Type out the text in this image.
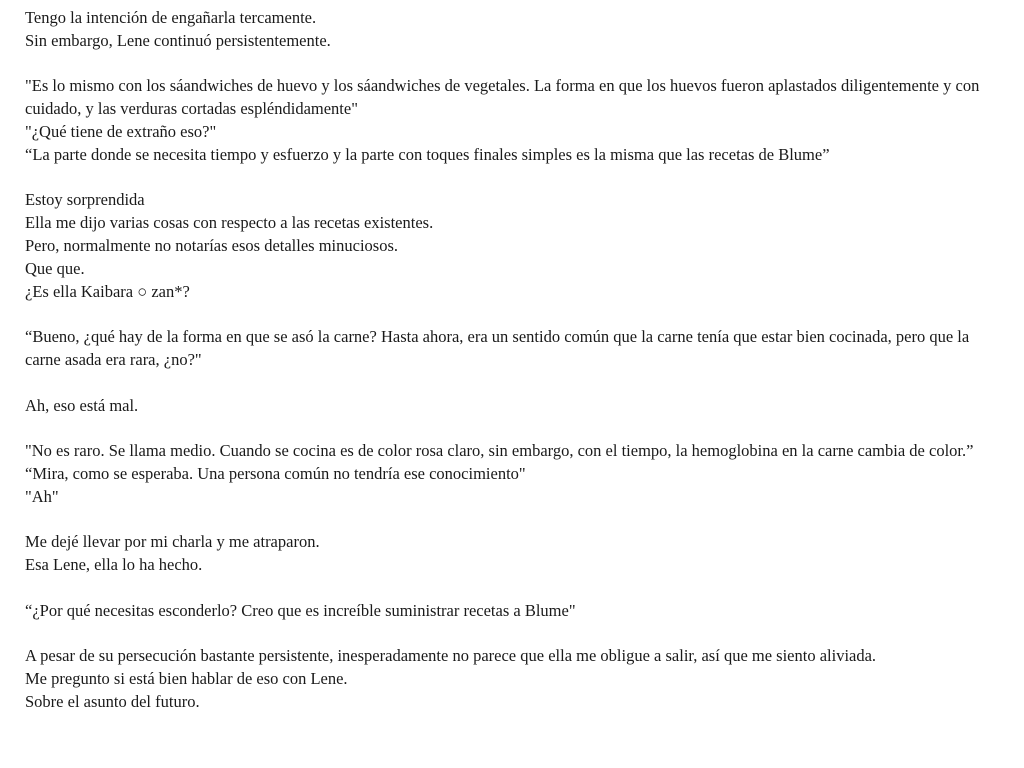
Tengo la intención de engañarla tercamente.
Sin embargo, Lene continuó persistentemente.

"Es lo mismo con los sáandwiches de huevo y los sáandwiches de vegetales. La forma en que los huevos fueron aplastados diligentemente y con cuidado, y las verduras cortadas espléndidamente"
"¿Qué tiene de extraño eso?"
“La parte donde se necesita tiempo y esfuerzo y la parte con toques finales simples es la misma que las recetas de Blume”

Estoy sorprendida
Ella me dijo varias cosas con respecto a las recetas existentes.
Pero, normalmente no notarías esos detalles minuciosos.
Que que.
¿Es ella Kaibara ○ zan*?

“Bueno, ¿qué hay de la forma en que se asó la carne? Hasta ahora, era un sentido común que la carne tenía que estar bien cocinada, pero que la carne asada era rara, ¿no?"

Ah, eso está mal.

"No es raro. Se llama medio. Cuando se cocina es de color rosa claro, sin embargo, con el tiempo, la hemoglobina en la carne cambia de color.”
“Mira, como se esperaba. Una persona común no tendría ese conocimiento"
"Ah"

Me dejé llevar por mi charla y me atraparon.
Esa Lene, ella lo ha hecho.

“¿Por qué necesitas esconderlo? Creo que es increíble suministrar recetas a Blume"

A pesar de su persecución bastante persistente, inesperadamente no parece que ella me obligue a salir, así que me siento aliviada.
Me pregunto si está bien hablar de eso con Lene.
Sobre el asunto del futuro.
